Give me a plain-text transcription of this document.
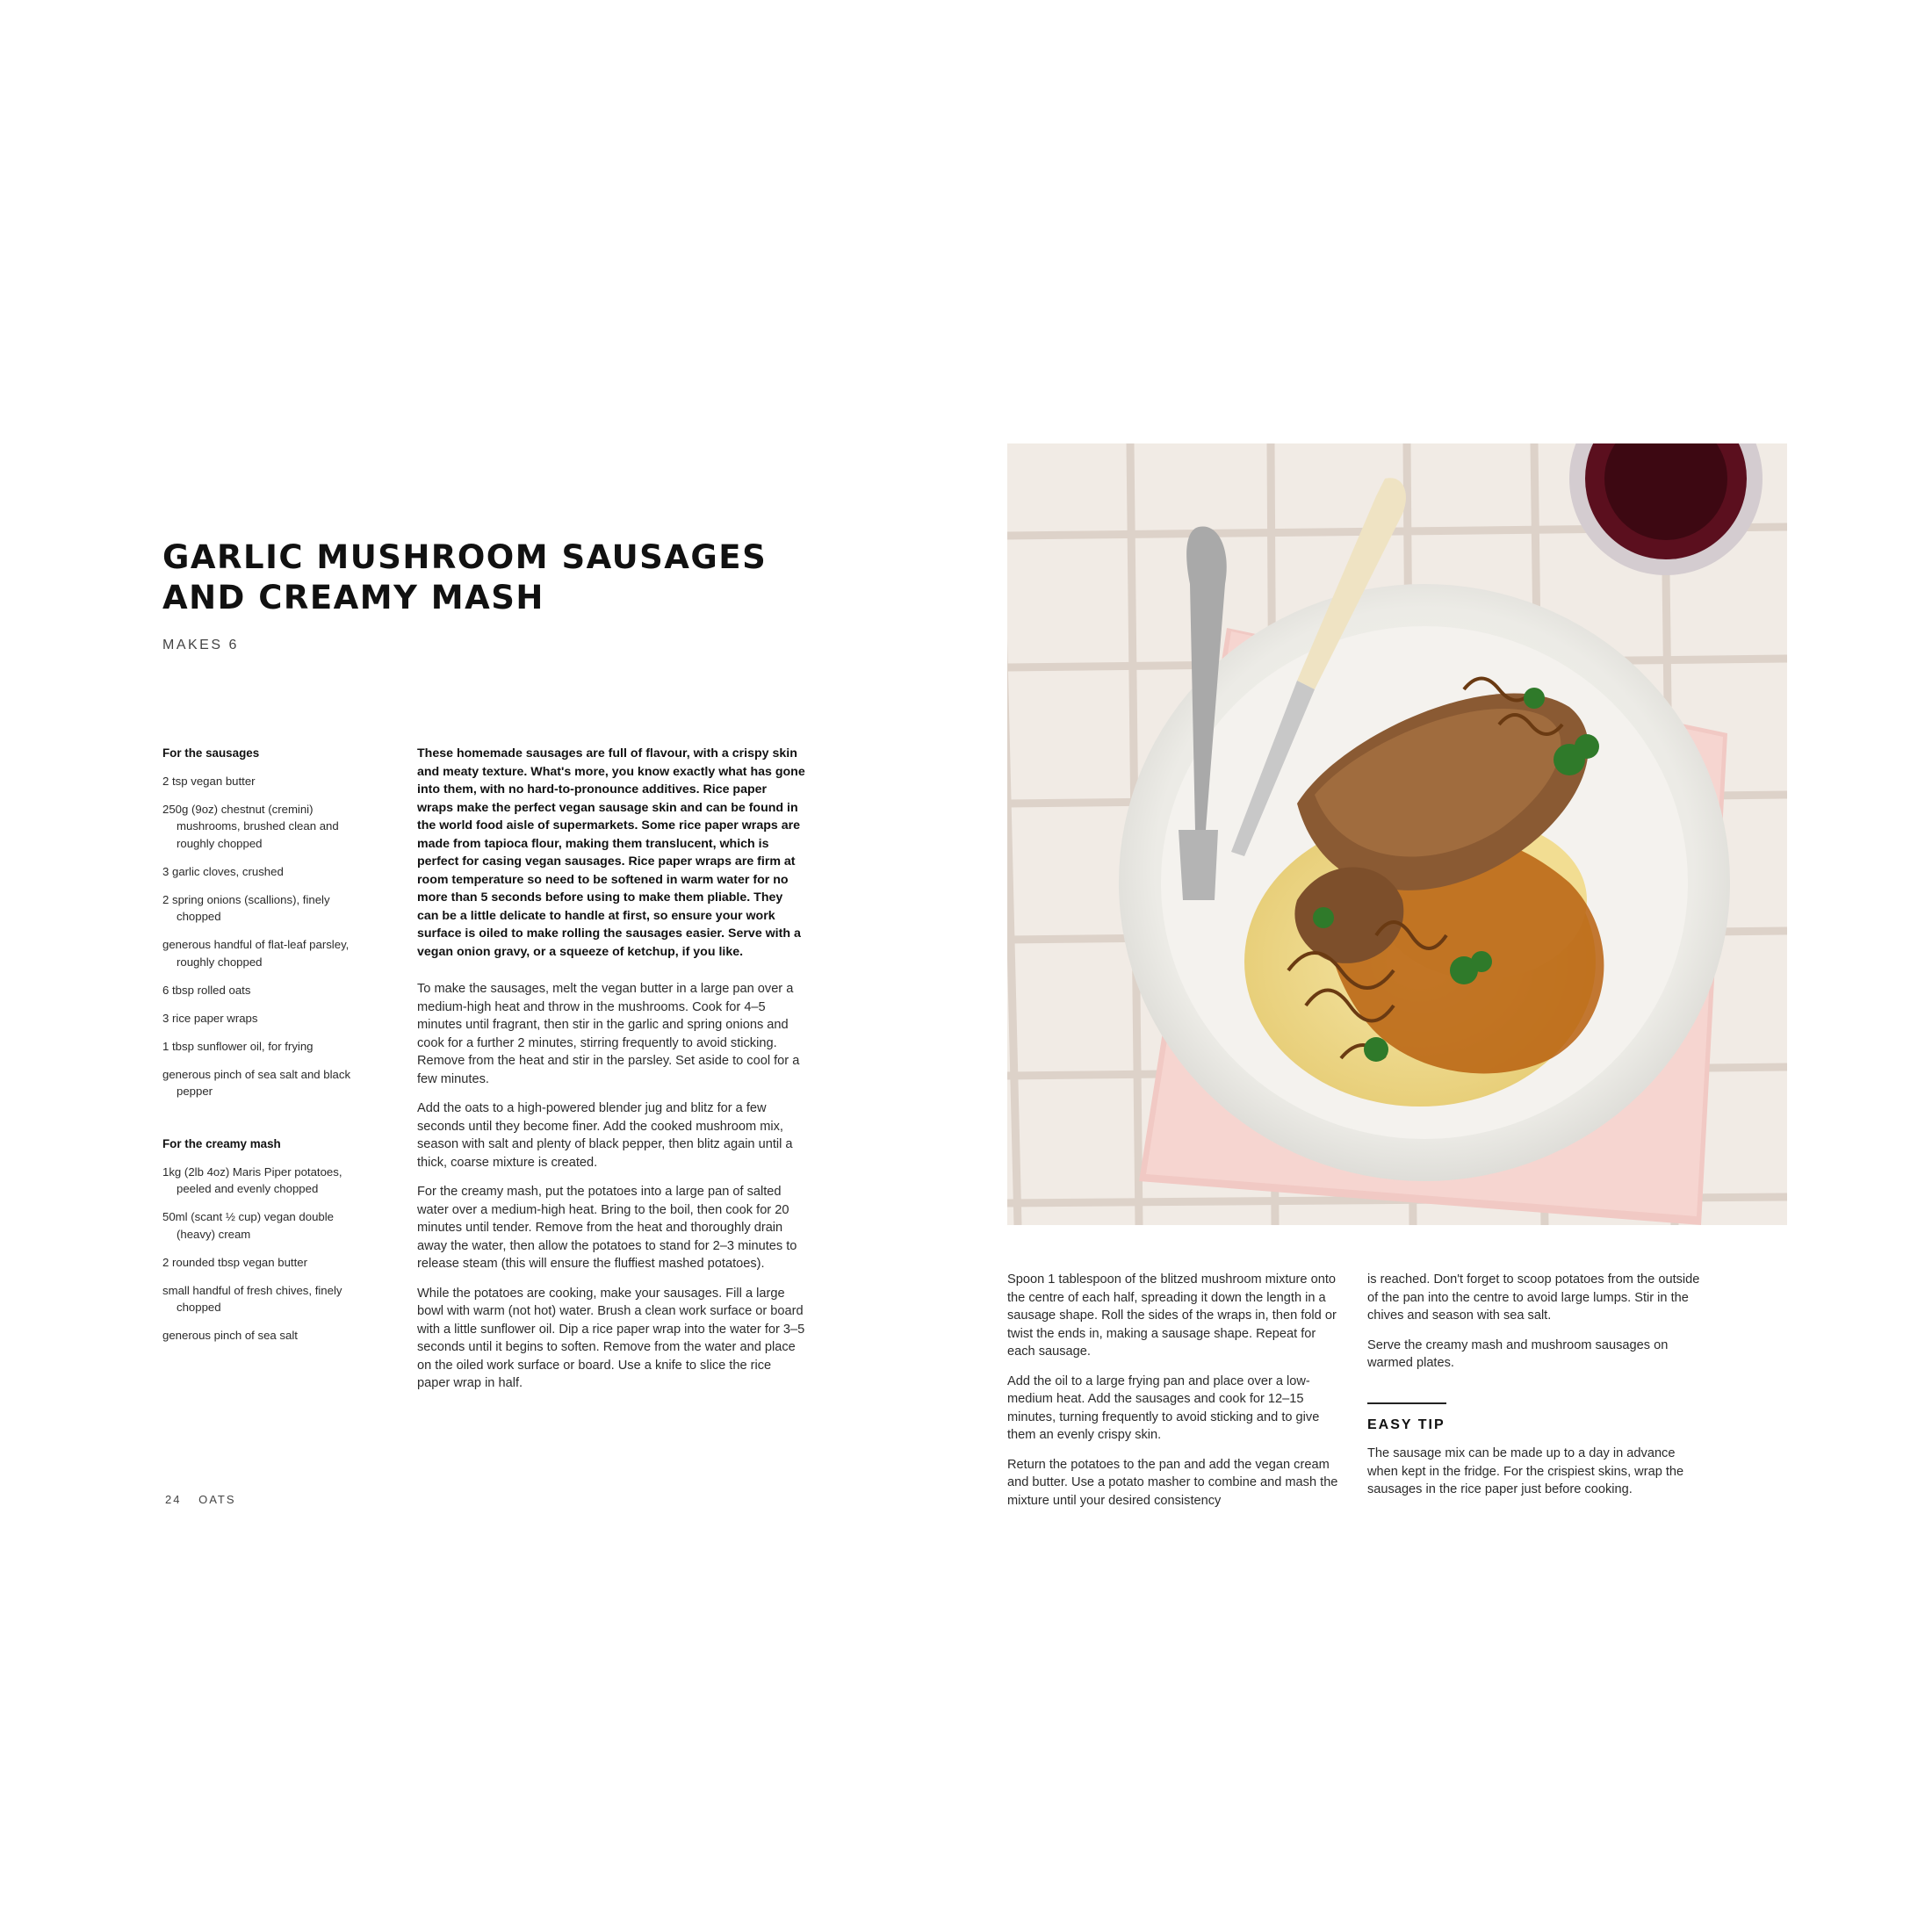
GARLIC MUSHROOM SAUSAGES AND CREAMY MASH
MAKES 6
For the sausages
2 tsp vegan butter
250g (9oz) chestnut (cremini) mushrooms, brushed clean and roughly chopped
3 garlic cloves, crushed
2 spring onions (scallions), finely chopped
generous handful of flat-leaf parsley, roughly chopped
6 tbsp rolled oats
3 rice paper wraps
1 tbsp sunflower oil, for frying
generous pinch of sea salt and black pepper
For the creamy mash
1kg (2lb 4oz) Maris Piper potatoes, peeled and evenly chopped
50ml (scant ½ cup) vegan double (heavy) cream
2 rounded tbsp vegan butter
small handful of fresh chives, finely chopped
generous pinch of sea salt

These homemade sausages are full of flavour, with a crispy skin and meaty texture. What's more, you know exactly what has gone into them, with no hard-to-pronounce additives. Rice paper wraps make the perfect vegan sausage skin and can be found in the world food aisle of supermarkets. Some rice paper wraps are made from tapioca flour, making them translucent, which is perfect for casing vegan sausages. Rice paper wraps are firm at room temperature so need to be softened in warm water for no more than 5 seconds before using to make them pliable. They can be a little delicate to handle at first, so ensure your work surface is oiled to make rolling the sausages easier. Serve with a vegan onion gravy, or a squeeze of ketchup, if you like.

To make the sausages, melt the vegan butter in a large pan over a medium-high heat and throw in the mushrooms. Cook for 4–5 minutes until fragrant, then stir in the garlic and spring onions and cook for a further 2 minutes, stirring frequently to avoid sticking. Remove from the heat and stir in the parsley. Set aside to cool for a few minutes.

Add the oats to a high-powered blender jug and blitz for a few seconds until they become finer. Add the cooked mushroom mix, season with salt and plenty of black pepper, then blitz again until a thick, coarse mixture is created.

For the creamy mash, put the potatoes into a large pan of salted water over a medium-high heat. Bring to the boil, then cook for 20 minutes until tender. Remove from the heat and thoroughly drain away the water, then allow the potatoes to stand for 2–3 minutes to release steam (this will ensure the fluffiest mashed potatoes).

While the potatoes are cooking, make your sausages. Fill a large bowl with warm (not hot) water. Brush a clean work surface or board with a little sunflower oil. Dip a rice paper wrap into the water for 3–5 seconds until it begins to soften. Remove from the water and place on the oiled work surface or board. Use a knife to slice the rice paper wrap in half.

Spoon 1 tablespoon of the blitzed mushroom mixture onto the centre of each half, spreading it down the length in a sausage shape. Roll the sides of the wraps in, then fold or twist the ends in, making a sausage shape. Repeat for each sausage.

Add the oil to a large frying pan and place over a low-medium heat. Add the sausages and cook for 12–15 minutes, turning frequently to avoid sticking and to give them an evenly crispy skin.

Return the potatoes to the pan and add the vegan cream and butter. Use a potato masher to combine and mash the mixture until your desired consistency

is reached. Don't forget to scoop potatoes from the outside of the pan into the centre to avoid large lumps. Stir in the chives and season with sea salt.

Serve the creamy mash and mushroom sausages on warmed plates.

EASY TIP

The sausage mix can be made up to a day in advance when kept in the fridge. For the crispiest skins, wrap the sausages in the rice paper just before cooking.

24 OATS
